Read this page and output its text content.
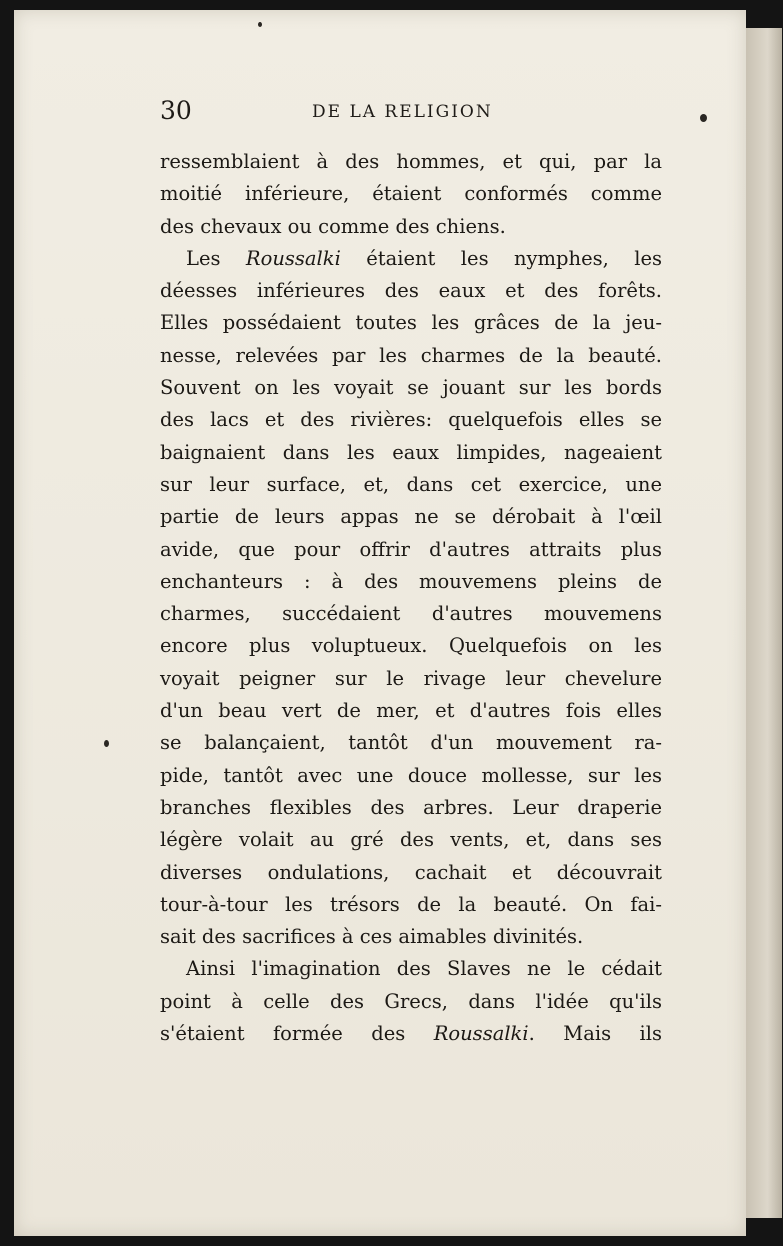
30	DE LA RELIGION
ressemblaient à des hommes, et qui, par la
moitié inférieure, étaient conformés comme
des chevaux ou comme des chiens.
Les Roussalki étaient les nymphes, les
déesses inférieures des eaux et des forêts.
Elles possédaient toutes les grâces de la jeu-
nesse, relevées par les charmes de la beauté.
Souvent on les voyait se jouant sur les bords
des lacs et des rivières: quelquefois elles se
baignaient dans les eaux limpides, nageaient
sur leur surface, et, dans cet exercice, une
partie de leurs appas ne se dérobait à l'œil
avide, que pour offrir d'autres attraits plus
enchanteurs : à des mouvemens pleins de
charmes, succédaient d'autres mouvemens
encore plus voluptueux. Quelquefois on les
voyait peigner sur le rivage leur chevelure
d'un beau vert de mer, et d'autres fois elles
se balançaient, tantôt d'un mouvement ra-
pide, tantôt avec une douce mollesse, sur les
branches flexibles des arbres. Leur draperie
légère volait au gré des vents, et, dans ses
diverses ondulations, cachait et découvrait
tour-à-tour les trésors de la beauté. On fai-
sait des sacrifices à ces aimables divinités.
Ainsi l'imagination des Slaves ne le cédait
point à celle des Grecs, dans l'idée qu'ils
s'étaient formée des Roussalki. Mais ils
